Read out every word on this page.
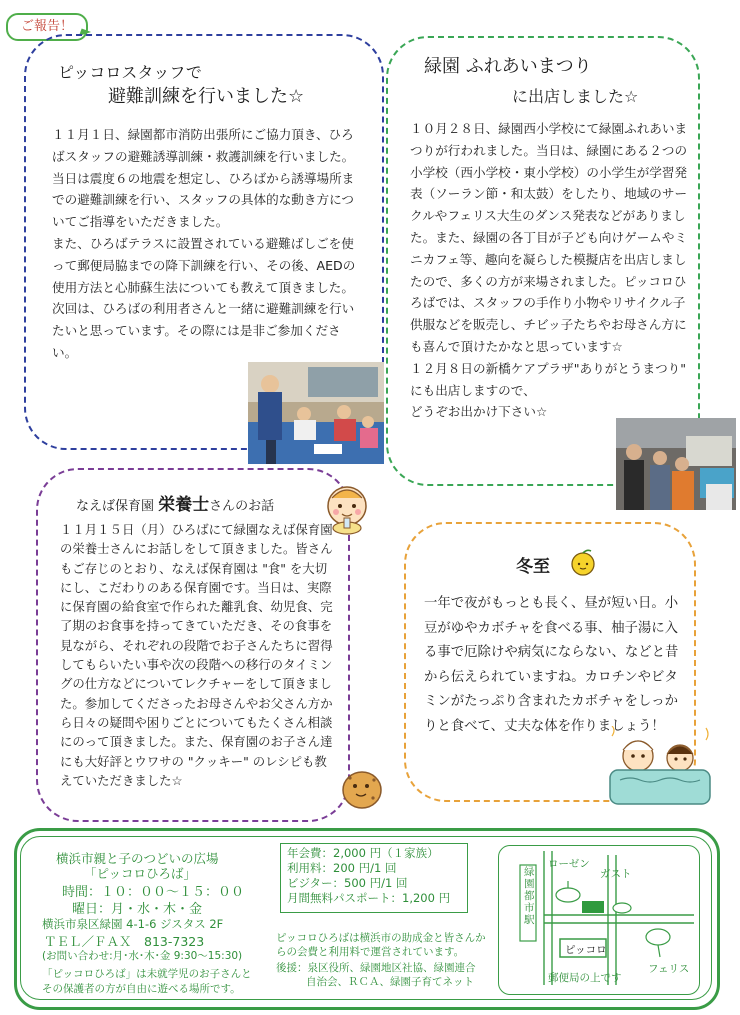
ご報告！
ピッコロスタッフで
避難訓練を行いました☆
１１月１日、緑園都市消防出張所にご協力頂き、ひろばスタッフの避難誘導訓練・救護訓練を行いました。当日は震度６の地震を想定し、ひろばから誘導場所までの避難訓練を行い、スタッフの具体的な動き方についてご指導をいただきました。
また、ひろばテラスに設置されている避難ばしごを使って郵便局脇までの降下訓練を行い、その後、AEDの使用方法と心肺蘇生法についても教えて頂きました。
次回は、ひろばの利用者さんと一緒に避難訓練を行いたいと思っています。その際には是非ご参加ください。
緑園 ふれあいまつり
に出店しました☆
１０月２８日、緑園西小学校にて緑園ふれあいまつりが行われました。当日は、緑園にある２つの小学校（西小学校・東小学校）の小学生が学習発表（ソーラン節・和太鼓）をしたり、地域のサークルやフェリス大生のダンス発表などがありました。また、緑園の各丁目が子ども向けゲームやミニカフェ等、趣向を凝らした模擬店を出店しましたので、多くの方が来場されました。ピッコロひろばでは、スタッフの手作り小物やリサイクル子供服などを販売し、チビッ子たちやお母さん方にも喜んで頂けたかなと思っています☆
１２月８日の新橋ケアプラザ"ありがとうまつり" にも出店しますので、
どうぞお出かけ下さい☆
なえば保育園 栄養士さんのお話
１１月１５日（月）ひろばにて緑園なえば保育園の栄養士さんにお話しをして頂きました。皆さんもご存じのとおり、なえば保育園は "食" を大切にし、こだわりのある保育園です。当日は、実際に保育園の給食室で作られた離乳食、幼児食、完了期のお食事を持ってきていただき、その食事を見ながら、それぞれの段階でお子さんたちに習得してもらいたい事や次の段階への移行のタイミングの仕方などについてレクチャーをして頂きました。参加してくださったお母さんやお父さん方から日々の疑問や困りごとについてもたくさん相談にのって頂きました。また、保育園のお子さん達にも大好評とウワサの "クッキー" のレシピも教えていただきました☆
冬至
一年で夜がもっとも長く、昼が短い日。小豆がゆやカボチャを食べる事、柚子湯に入る事で厄除けや病気にならない、などと昔から伝えられていますね。カロチンやビタミンがたっぷり含まれたカボチャをしっかりと食べて、丈夫な体を作りましょう！
横浜市親と子のつどいの広場
「ピッコロひろば」
時間：１０：００～１５：００
曜日：月・水・木・金
横浜市泉区緑園 4-1-6 ジスタス 2F
ＴＥＬ／ＦＡＸ　813-7323
(お問い合わせ:月･水･木･金 9:30～15:30)
「ピッコロひろば」は未就学児のお子さんと
その保護者の方が自由に遊べる場所です。
年会費：2,000 円（１家族）
利用料：200 円/1 回
ビジター：500 円/1 回
月間無料パスポート：1,200 円
ピッコロひろばは横浜市の助成金と皆さんか
らの会費と利用料で運営されています。
後援：泉区役所、緑園地区社協、緑園連合
自治会、ＲＣＡ、緑園子育てネット
緑園都市駅
ローゼン
ガスト
ピッコロ
フェリス
郵便局の上です
